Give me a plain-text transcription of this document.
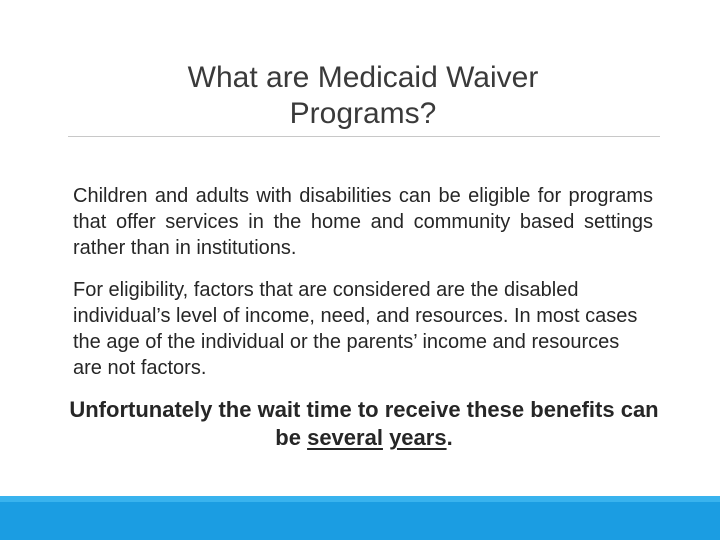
What are Medicaid Waiver
Programs?
Children and adults with disabilities can be eligible for programs that offer services in the home and community based settings rather than in institutions.
For eligibility, factors that are considered are the disabled individual’s level of income, need, and resources. In most cases the age of the individual or the parents’ income and resources are not factors.
Unfortunately the wait time to receive these benefits can be several years.
